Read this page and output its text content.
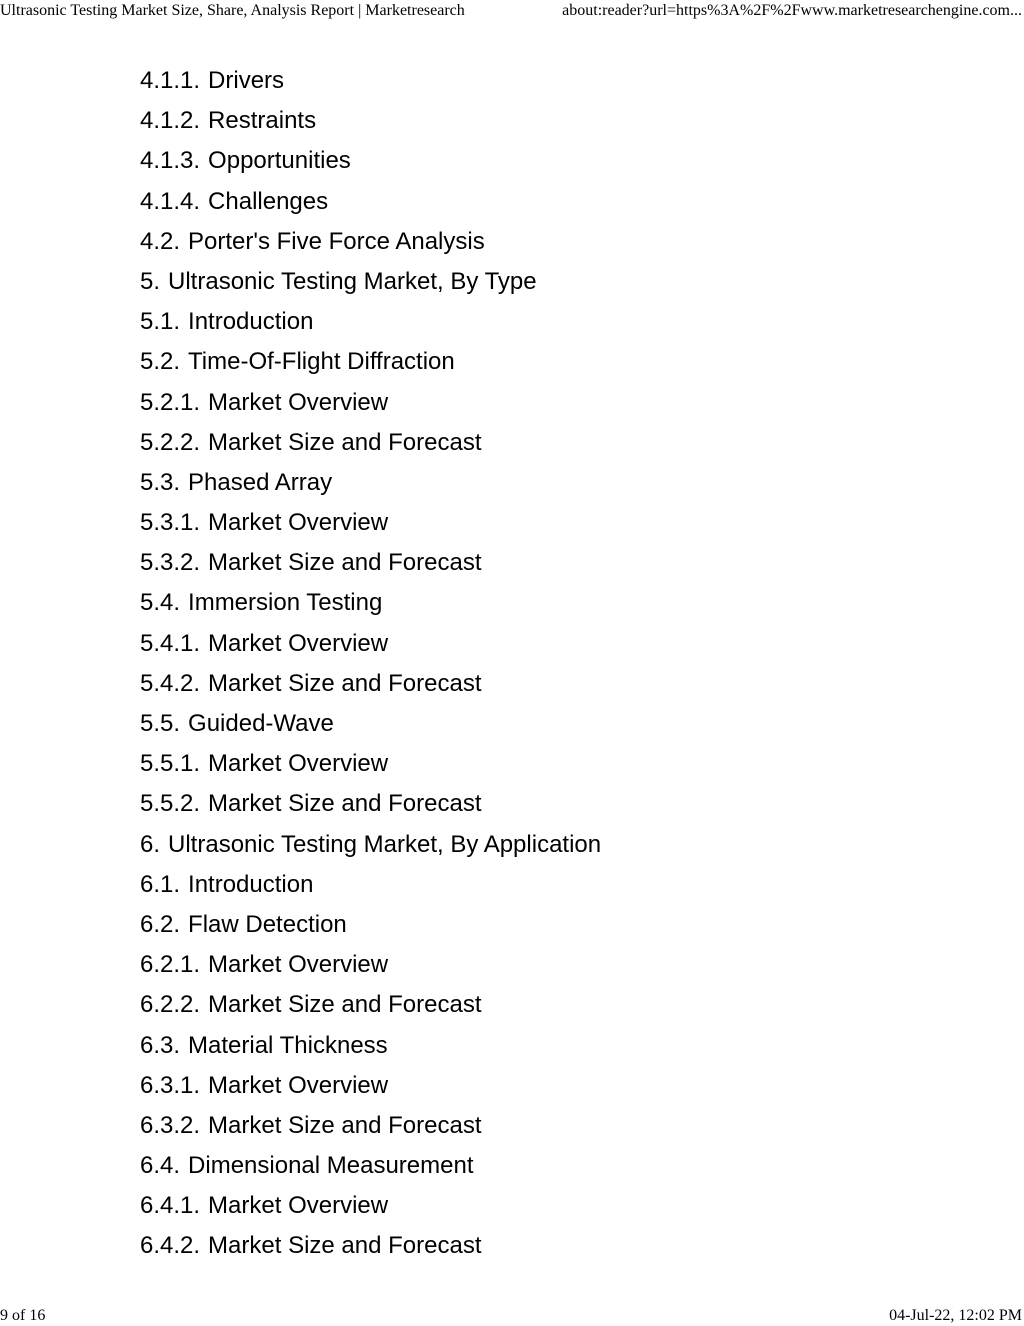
Ultrasonic Testing Market Size, Share, Analysis Report | Marketresearch	about:reader?url=https%3A%2F%2Fwww.marketresearchengine.com...
4.1.1. Drivers
4.1.2. Restraints
4.1.3. Opportunities
4.1.4. Challenges
4.2. Porter's Five Force Analysis
5. Ultrasonic Testing Market, By Type
5.1. Introduction
5.2. Time-Of-Flight Diffraction
5.2.1. Market Overview
5.2.2. Market Size and Forecast
5.3. Phased Array
5.3.1. Market Overview
5.3.2. Market Size and Forecast
5.4. Immersion Testing
5.4.1. Market Overview
5.4.2. Market Size and Forecast
5.5. Guided-Wave
5.5.1. Market Overview
5.5.2. Market Size and Forecast
6. Ultrasonic Testing Market, By Application
6.1. Introduction
6.2. Flaw Detection
6.2.1. Market Overview
6.2.2. Market Size and Forecast
6.3. Material Thickness
6.3.1. Market Overview
6.3.2. Market Size and Forecast
6.4. Dimensional Measurement
6.4.1. Market Overview
6.4.2. Market Size and Forecast
9 of 16	04-Jul-22, 12:02 PM
